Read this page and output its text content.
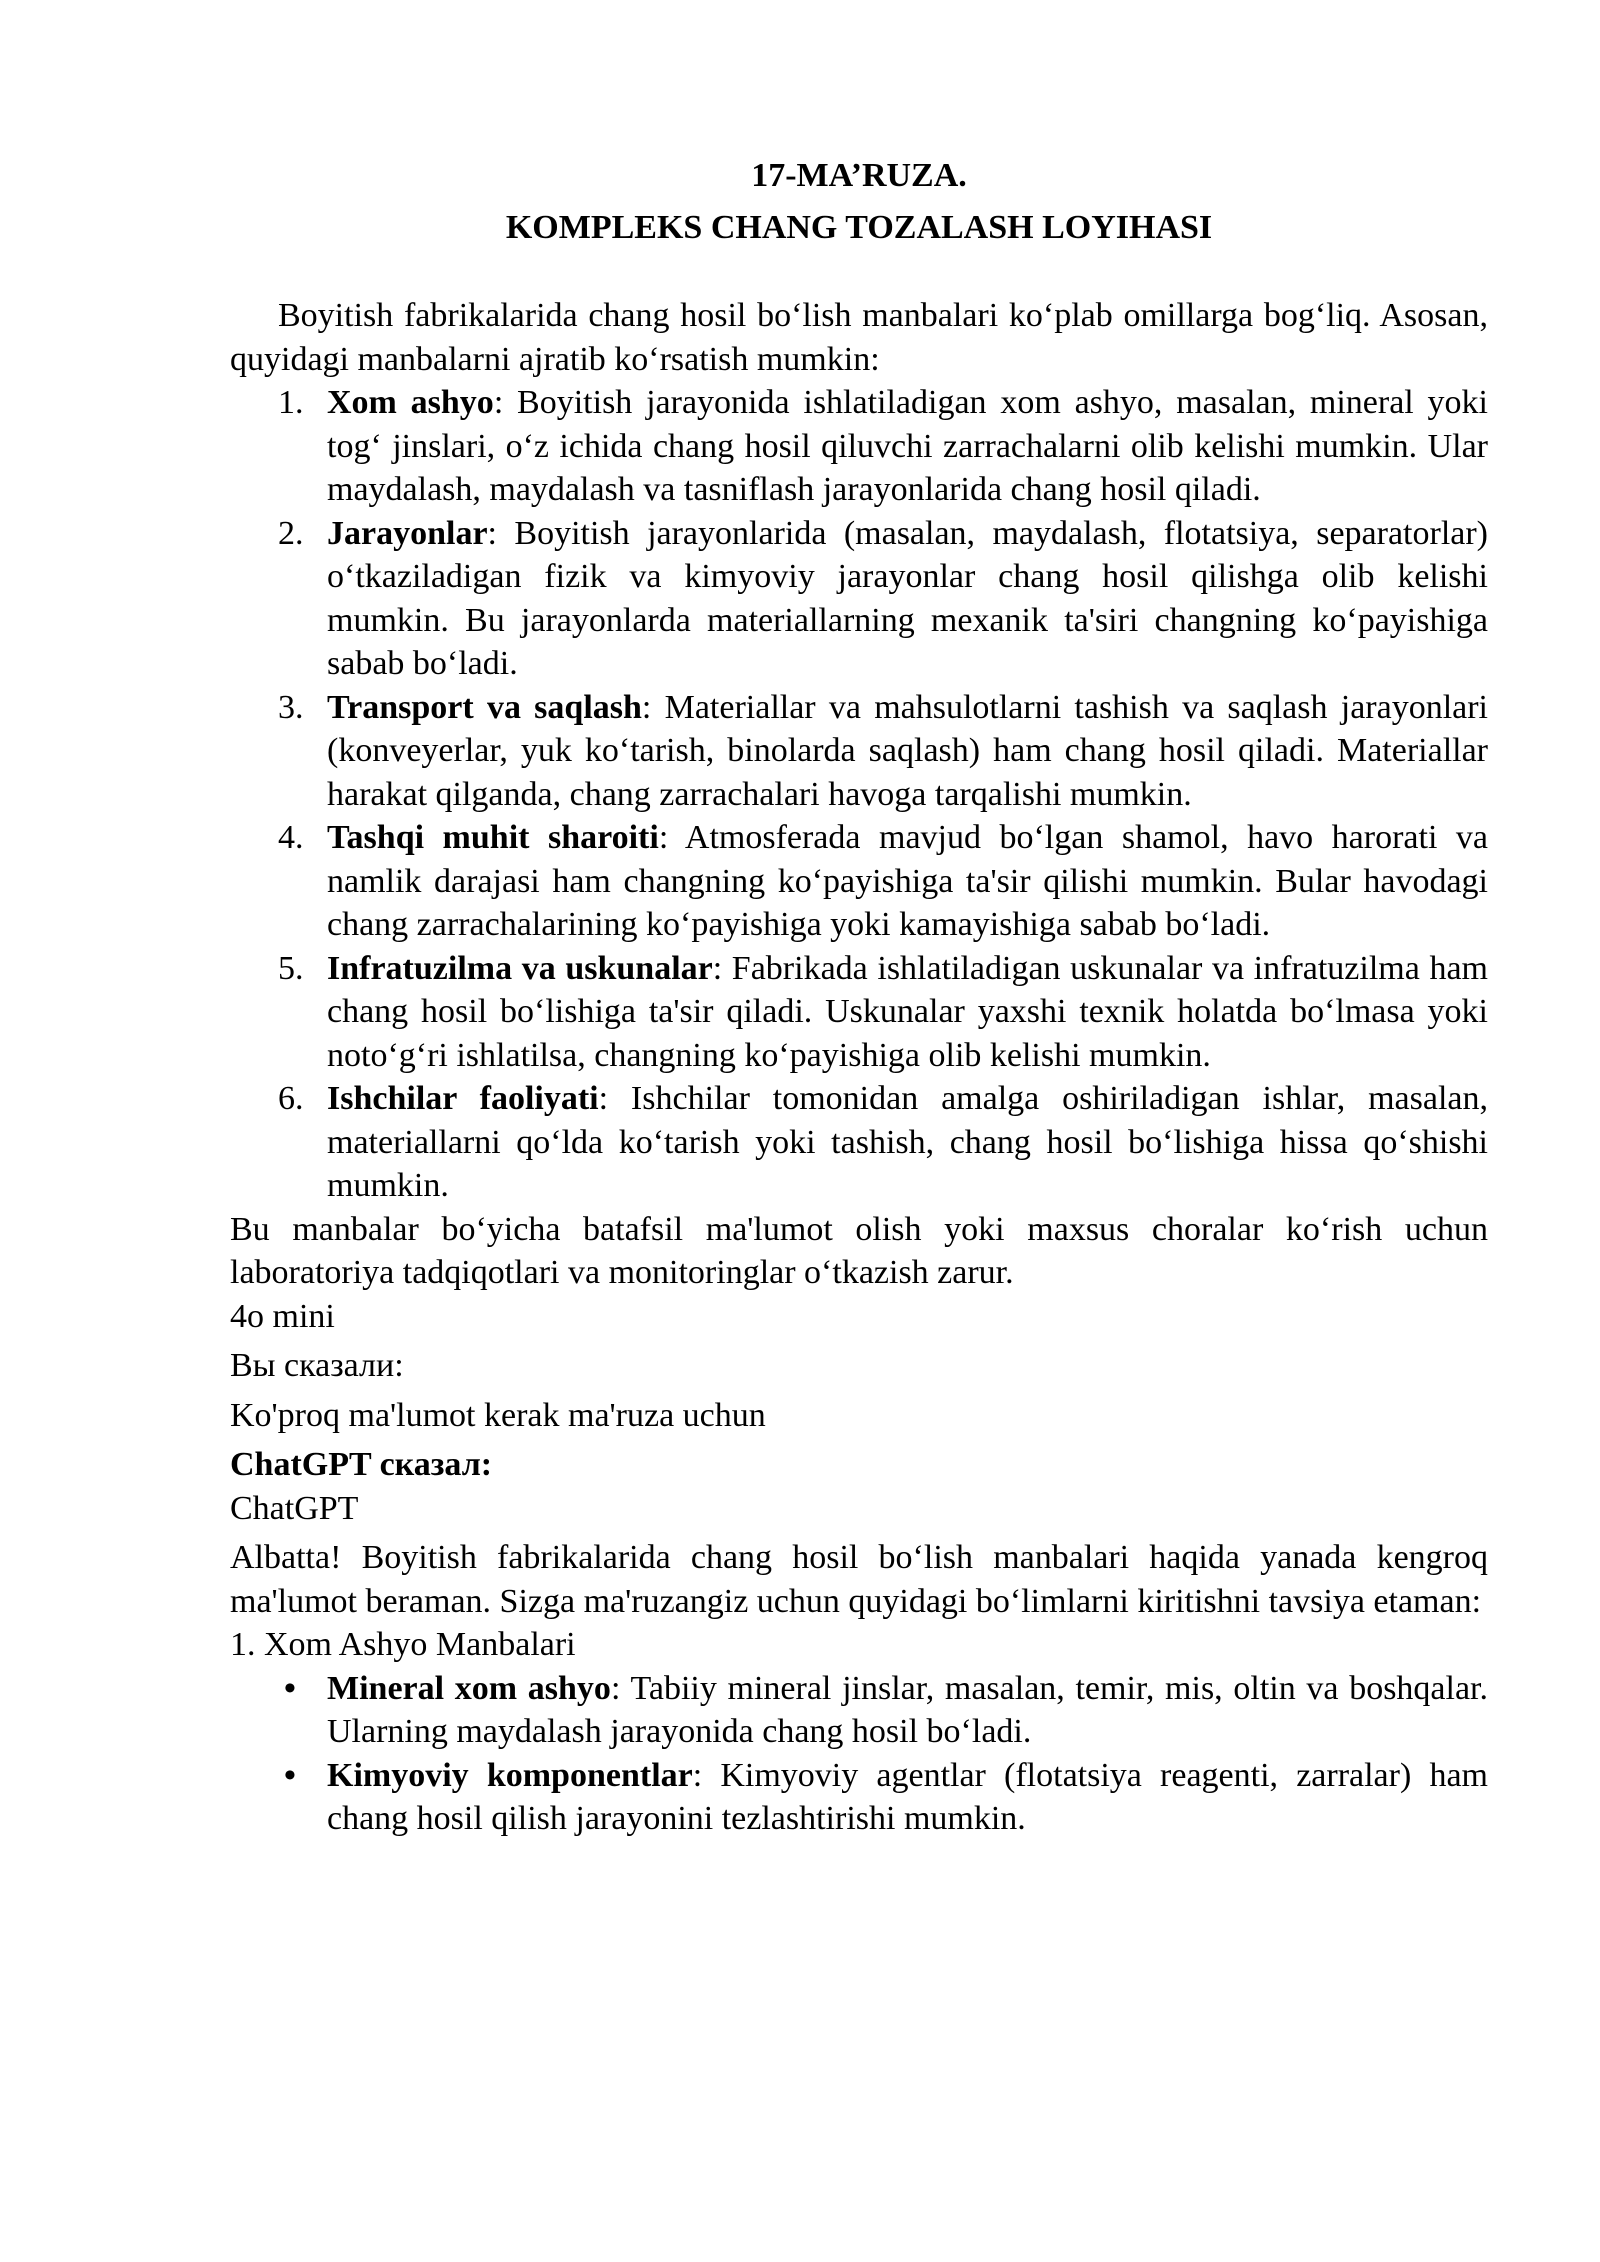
17-MA’RUZA.
KOMPLEKS CHANG TOZALASH LOYIHASI

Boyitish fabrikalarida chang hosil bo‘lish manbalari ko‘plab omillarga bog‘liq. Asosan, quyidagi manbalarni ajratib ko‘rsatish mumkin:

1. Xom ashyo: Boyitish jarayonida ishlatiladigan xom ashyo, masalan, mineral yoki tog‘ jinslari, o‘z ichida chang hosil qiluvchi zarrachalarni olib kelishi mumkin. Ular maydalash, maydalash va tasniflash jarayonlarida chang hosil qiladi.
2. Jarayonlar: Boyitish jarayonlarida (masalan, maydalash, flotatsiya, separatorlar) o‘tkaziladigan fizik va kimyoviy jarayonlar chang hosil qilishga olib kelishi mumkin. Bu jarayonlarda materiallarning mexanik ta'siri changning ko‘payishiga sabab bo‘ladi.
3. Transport va saqlash: Materiallar va mahsulotlarni tashish va saqlash jarayonlari (konveyerlar, yuk ko‘tarish, binolarda saqlash) ham chang hosil qiladi. Materiallar harakat qilganda, chang zarrachalari havoga tarqalishi mumkin.
4. Tashqi muhit sharoiti: Atmosferada mavjud bo‘lgan shamol, havo harorati va namlik darajasi ham changning ko‘payishiga ta'sir qilishi mumkin. Bular havodagi chang zarrachalarining ko‘payishiga yoki kamayishiga sabab bo‘ladi.
5. Infratuzilma va uskunalar: Fabrikada ishlatiladigan uskunalar va infratuzilma ham chang hosil bo‘lishiga ta'sir qiladi. Uskunalar yaxshi texnik holatda bo‘lmasa yoki noto‘g‘ri ishlatilsa, changning ko‘payishiga olib kelishi mumkin.
6. Ishchilar faoliyati: Ishchilar tomonidan amalga oshiriladigan ishlar, masalan, materiallarni qo‘lda ko‘tarish yoki tashish, chang hosil bo‘lishiga hissa qo‘shishi mumkin.

Bu manbalar bo‘yicha batafsil ma'lumot olish yoki maxsus choralar ko‘rish uchun laboratoriya tadqiqotlari va monitoringlar o‘tkazish zarur.

4o mini

Вы сказали:

Ko'proq ma'lumot kerak ma'ruza uchun

ChatGPT сказал:

ChatGPT

Albatta! Boyitish fabrikalarida chang hosil bo‘lish manbalari haqida yanada kengroq ma'lumot beraman. Sizga ma'ruzangiz uchun quyidagi bo‘limlarni kiritishni tavsiya etaman:

1. Xom Ashyo Manbalari

• Mineral xom ashyo: Tabiiy mineral jinslar, masalan, temir, mis, oltin va boshqalar. Ularning maydalash jarayonida chang hosil bo‘ladi.
• Kimyoviy komponentlar: Kimyoviy agentlar (flotatsiya reagenti, zarralar) ham chang hosil qilish jarayonini tezlashtirishi mumkin.
